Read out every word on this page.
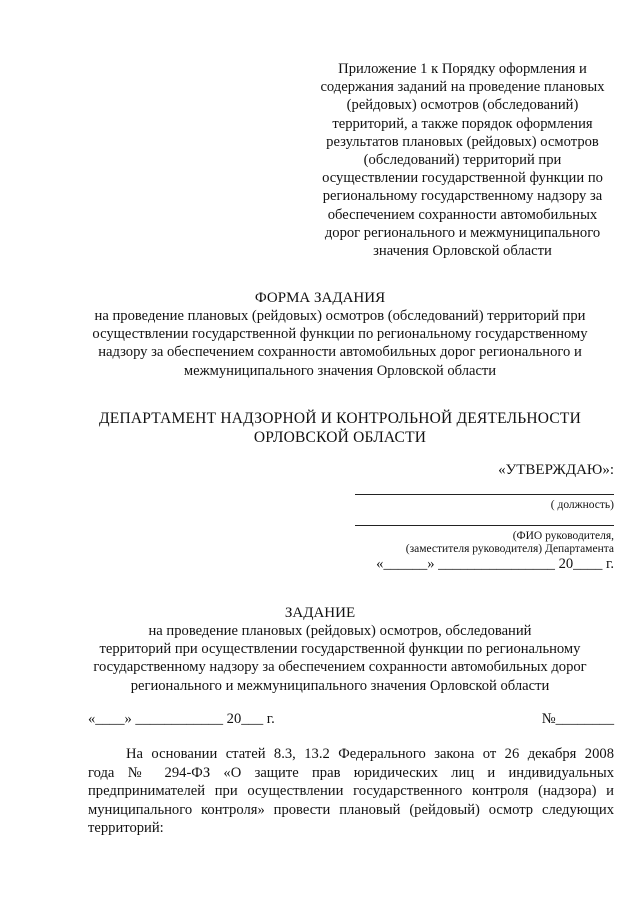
Приложение 1 к Порядку оформления и
содержания заданий на проведение плановых
(рейдовых) осмотров (обследований)
территорий, а также порядок оформления
результатов плановых (рейдовых) осмотров
(обследований) территорий при
осуществлении государственной функции по
региональному государственному надзору за
обеспечением сохранности автомобильных
дорог регионального и межмуниципального
значения Орловской области
ФОРМА ЗАДАНИЯ
на проведение плановых (рейдовых) осмотров (обследований) территорий при
осуществлении государственной функции по региональному государственному
надзору за обеспечением сохранности автомобильных дорог регионального и
межмуниципального значения Орловской области
ДЕПАРТАМЕНТ НАДЗОРНОЙ И КОНТРОЛЬНОЙ ДЕЯТЕЛЬНОСТИ
ОРЛОВСКОЙ ОБЛАСТИ
«УТВЕРЖДАЮ»:
( должность)
(ФИО руководителя,
(заместителя руководителя) Департамента
«______» ________________ 20____ г.
ЗАДАНИЕ
на проведение плановых (рейдовых) осмотров, обследований
территорий при осуществлении государственной функции по региональному
государственному надзору за обеспечением сохранности автомобильных дорог
регионального и межмуниципального значения Орловской области
«____» ____________ 20___ г.	№________
На основании статей 8.3, 13.2 Федерального закона от 26 декабря 2008
года № 294-ФЗ «О защите прав юридических лиц и индивидуальных
предпринимателей при осуществлении государственного контроля (надзора) и
муниципального контроля» провести плановый (рейдовый) осмотр следующих
территорий:
